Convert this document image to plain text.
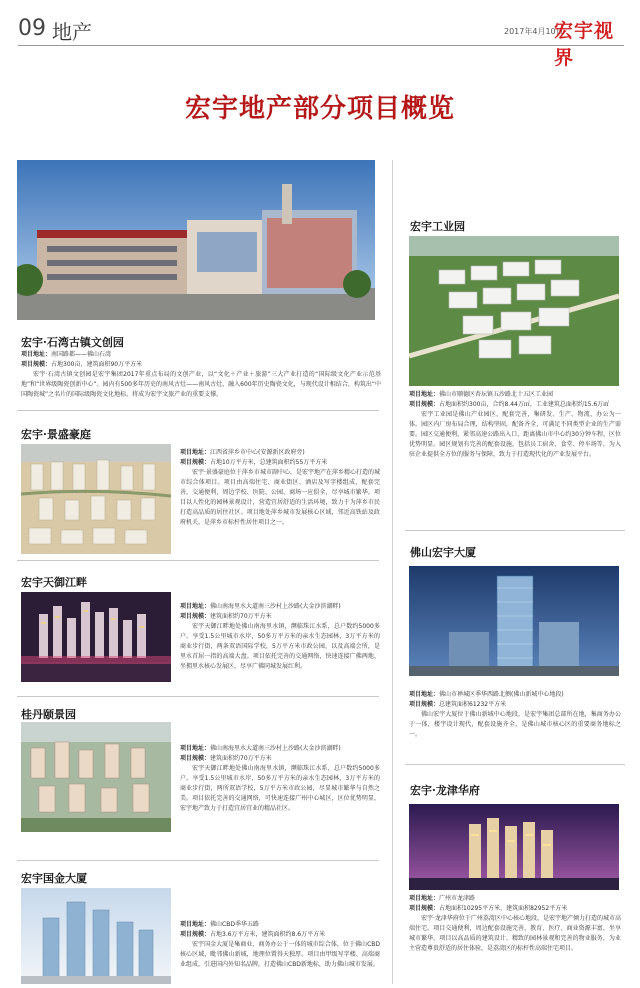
09 地产	2017年4月10日
宏宇视界
宏宇地产部分项目概览
宏宇·石湾古镇文创园
项目地址：南国路都——佛山石湾
项目规模：占地300亩，建筑面积90万平方米
宏宇·石湾古镇文创园是宏宇集团2017年重点布局的文创产业，以“文化＋产业＋旅游”三大产业打造的“国际级文化产业示范基地”和“世界级陶瓷创新中心”。园内有500多年历史的南风古灶——南风古灶，融入600年历史陶瓷文化，与现代设计相结合，构筑出“中国陶瓷城”之名片的国际级陶瓷文化地标，将成为宏宇文旅产业的重要支撑。
宏宇·景盛豪庭
项目地址：江西省萍乡市中心(安源新区政府旁)
项目规模：占地10万平方米，总建筑面积约55万平方米
宏宇·景盛豪庭位于萍乡市城市副中心，是宏宇地产在萍乡精心打造的城市综合体项目。项目由高端住宅、商业街区、酒店及写字楼组成，配套完善，交通便利，周边学校、医院、公园、商场一应俱全，尽享城市繁华。项目以人性化的园林景观设计，营造宜居舒适的生活环境，致力于为萍乡市民打造高品质的居住社区。项目地处萍乡城市发展核心区域，邻近高铁站及政府机关，是萍乡市标杆性居住项目之一。
宏宇天御江畔
项目地址：佛山南海里水大道南三沙村上沙路(大金沙滨湖畔)
项目规模：建筑面积约70万平方米
宏宇天御江畔地处佛山南海里水镇，濒临珠江水系，总户数约5000多户。享受1.5公里城市水岸，50多万平方米的亲水生态园林，3万平方米的商业步行街，两条双语国际学校，5万平方米市政公园，以及高端会所，是里水首屈一指的高端大盘。项目依托完善的交通网络，快速连接广佛两地，坐拥里水核心发展区，尽享广佛同城发展红利。
桂丹颐景园
项目地址：佛山南海里水大道南三沙村上沙路(大金沙滨湖畔)
项目规模：建筑面积约70万平方米
宏宇天御江畔地处佛山南海里水镇，濒临珠江水系，总户数约5000多户。享受1.5公里城市水岸，50多万平方米的亲水生态园林，3万平方米的商业步行街，两所双语学校，5万平方米市政公园，尽显城市繁华与自然之美。项目依托完善的交通网络，可快速连接广州中心城区，区位优势明显，宏宇地产致力于打造宜居宜业的精品社区。
宏宇国金大厦
项目地址：佛山CBD季华五路
项目规模：占地3.6万平方米，建筑面积约8.6万平方米
宏宇国金大厦是集商业、商务办公于一体的城市综合体，位于佛山CBD核心区域，毗邻佛山新城，地理位置得天独厚。项目由甲级写字楼、高端商业组成，引进国内外知名品牌，打造佛山CBD新地标，助力佛山城市发展。
宏宇工业园
项目地址：佛山市顺德区杏坛镇五沙路北十五区工业园
项目规模：占地面积约300亩，合约8.44万㎡，工业建筑总面积约15.6万㎡
宏宇工业园是佛山产业园区，配套完善，集研发、生产、物流、办公为一体。园区内厂房布局合理，结构坚固，配备齐全，可满足不同类型企业的生产需要。园区交通便利，紧邻高速公路出入口，距离佛山市中心约30分钟车程，区位优势明显。园区规划有完善的配套设施，包括员工宿舍、食堂、停车场等，为入驻企业提供全方位的服务与保障，致力于打造现代化的产业发展平台。
佛山宏宇大厦
项目地址：佛山市禅城区季华西路北侧(佛山新城中心地段)
项目规模：总建筑面积61232平方米
佛山宏宇大厦位于佛山新城中心地段，是宏宇集团总部所在地，集商务办公于一体，楼宇设计现代，配套设施齐全，是佛山城市核心区的重要商务地标之一。
宏宇·龙津华府
项目地址：广州市龙津路
项目规模：占地面积10295平方米，建筑面积82952平方米
宏宇·龙津华府位于广州荔湾区中心核心地段，是宏宇地产倾力打造的城市高端住宅。项目交通便利，周边配套设施完善，教育、医疗、商业资源丰富，坐享城市繁华。项目以高品质的建筑设计、精致的园林景观和完善的物业服务，为业主营造尊贵舒适的居住体验，是荔湾区的标杆性高端住宅项目。
